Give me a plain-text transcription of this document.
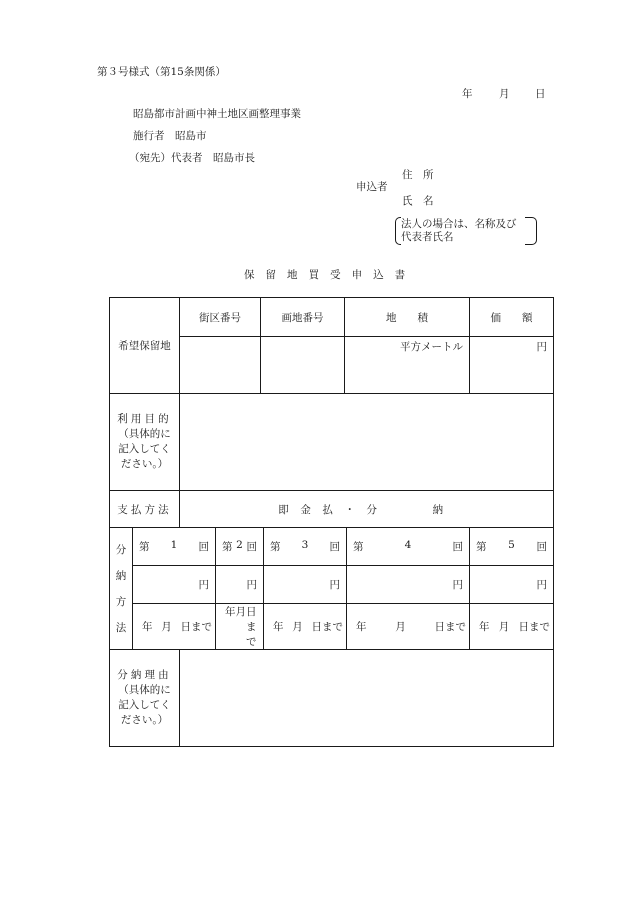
第３号様式（第15条関係）
年	月 日
昭島都市計画中神土地区画整理事業
施行者　昭島市
（宛先）代表者　昭島市長
申込者
住　所
氏　名
法人の場合は、名称及び
代表者氏名
保留地買受申込書
希望保留地		街区番号		画地番号		地　　積		価　　額
						平方メートル		円

利用目的
（具体的に記入してください。）								

支払方法		即金払・分　　納						
分納方法	第 1 回		第 2 回		第 3 回		第 4 回	第 5 回

	円		円		円		円	円

	年 月 日まで		年 月 日まで		年 月 日まで		年 月 日まで	年 月 日まで

分納理由
（具体的に記入してください。）								
